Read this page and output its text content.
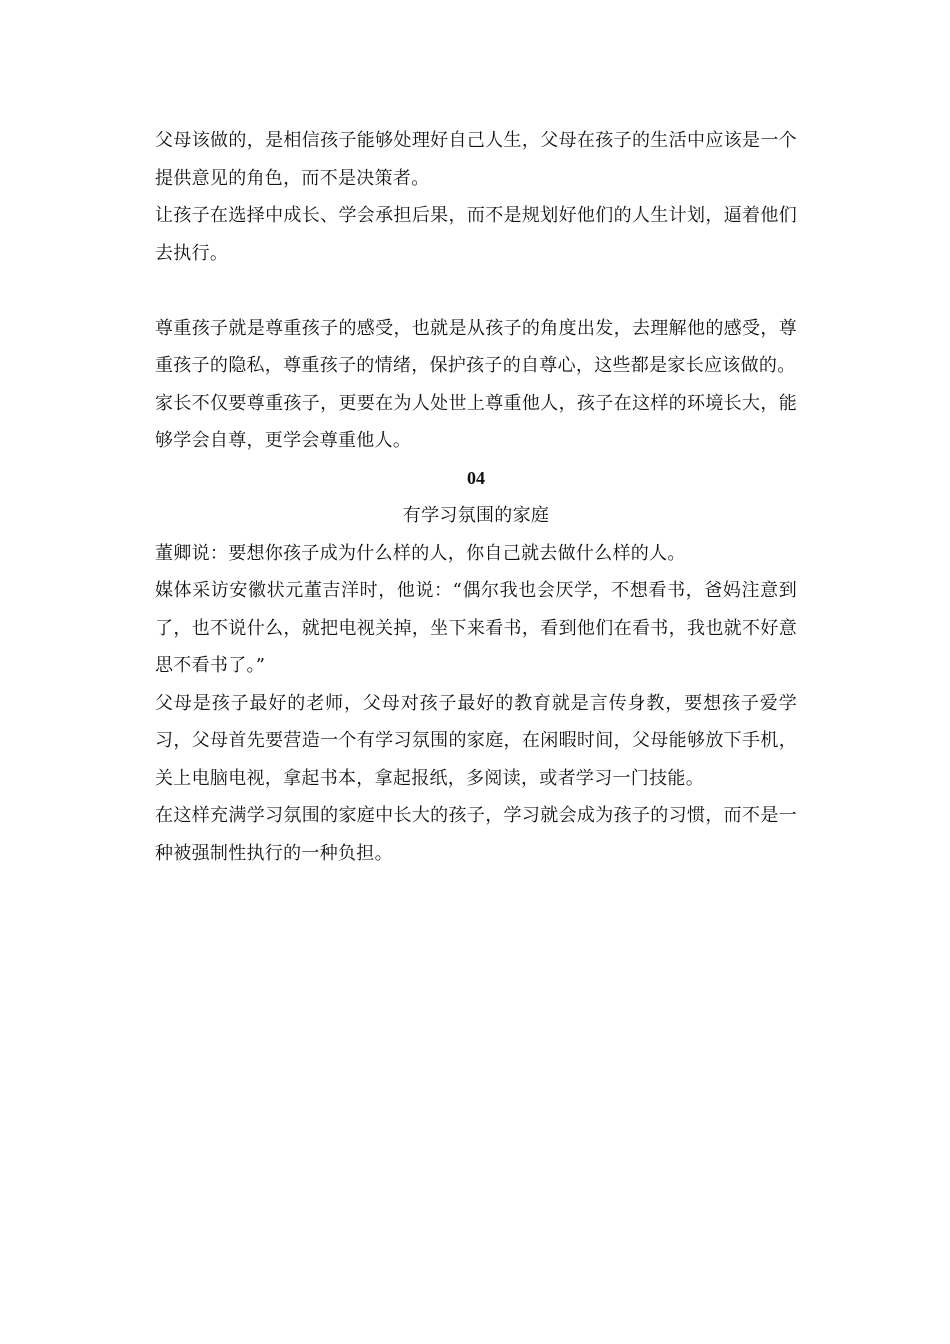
父母该做的，是相信孩子能够处理好自己人生，父母在孩子的生活中应该是一个提供意见的角色，而不是决策者。

让孩子在选择中成长、学会承担后果，而不是规划好他们的人生计划，逼着他们去执行。

尊重孩子就是尊重孩子的感受，也就是从孩子的角度出发，去理解他的感受，尊重孩子的隐私，尊重孩子的情绪，保护孩子的自尊心，这些都是家长应该做的。

家长不仅要尊重孩子，更要在为人处世上尊重他人，孩子在这样的环境长大，能够学会自尊，更学会尊重他人。

04

有学习氛围的家庭

董卿说：要想你孩子成为什么样的人，你自己就去做什么样的人。

媒体采访安徽状元董吉洋时，他说：“偶尔我也会厌学，不想看书，爸妈注意到了，也不说什么，就把电视关掉，坐下来看书，看到他们在看书，我也就不好意思不看书了。”

父母是孩子最好的老师，父母对孩子最好的教育就是言传身教，要想孩子爱学习，父母首先要营造一个有学习氛围的家庭，在闲暇时间，父母能够放下手机，关上电脑电视，拿起书本，拿起报纸，多阅读，或者学习一门技能。

在这样充满学习氛围的家庭中长大的孩子，学习就会成为孩子的习惯，而不是一种被强制性执行的一种负担。
